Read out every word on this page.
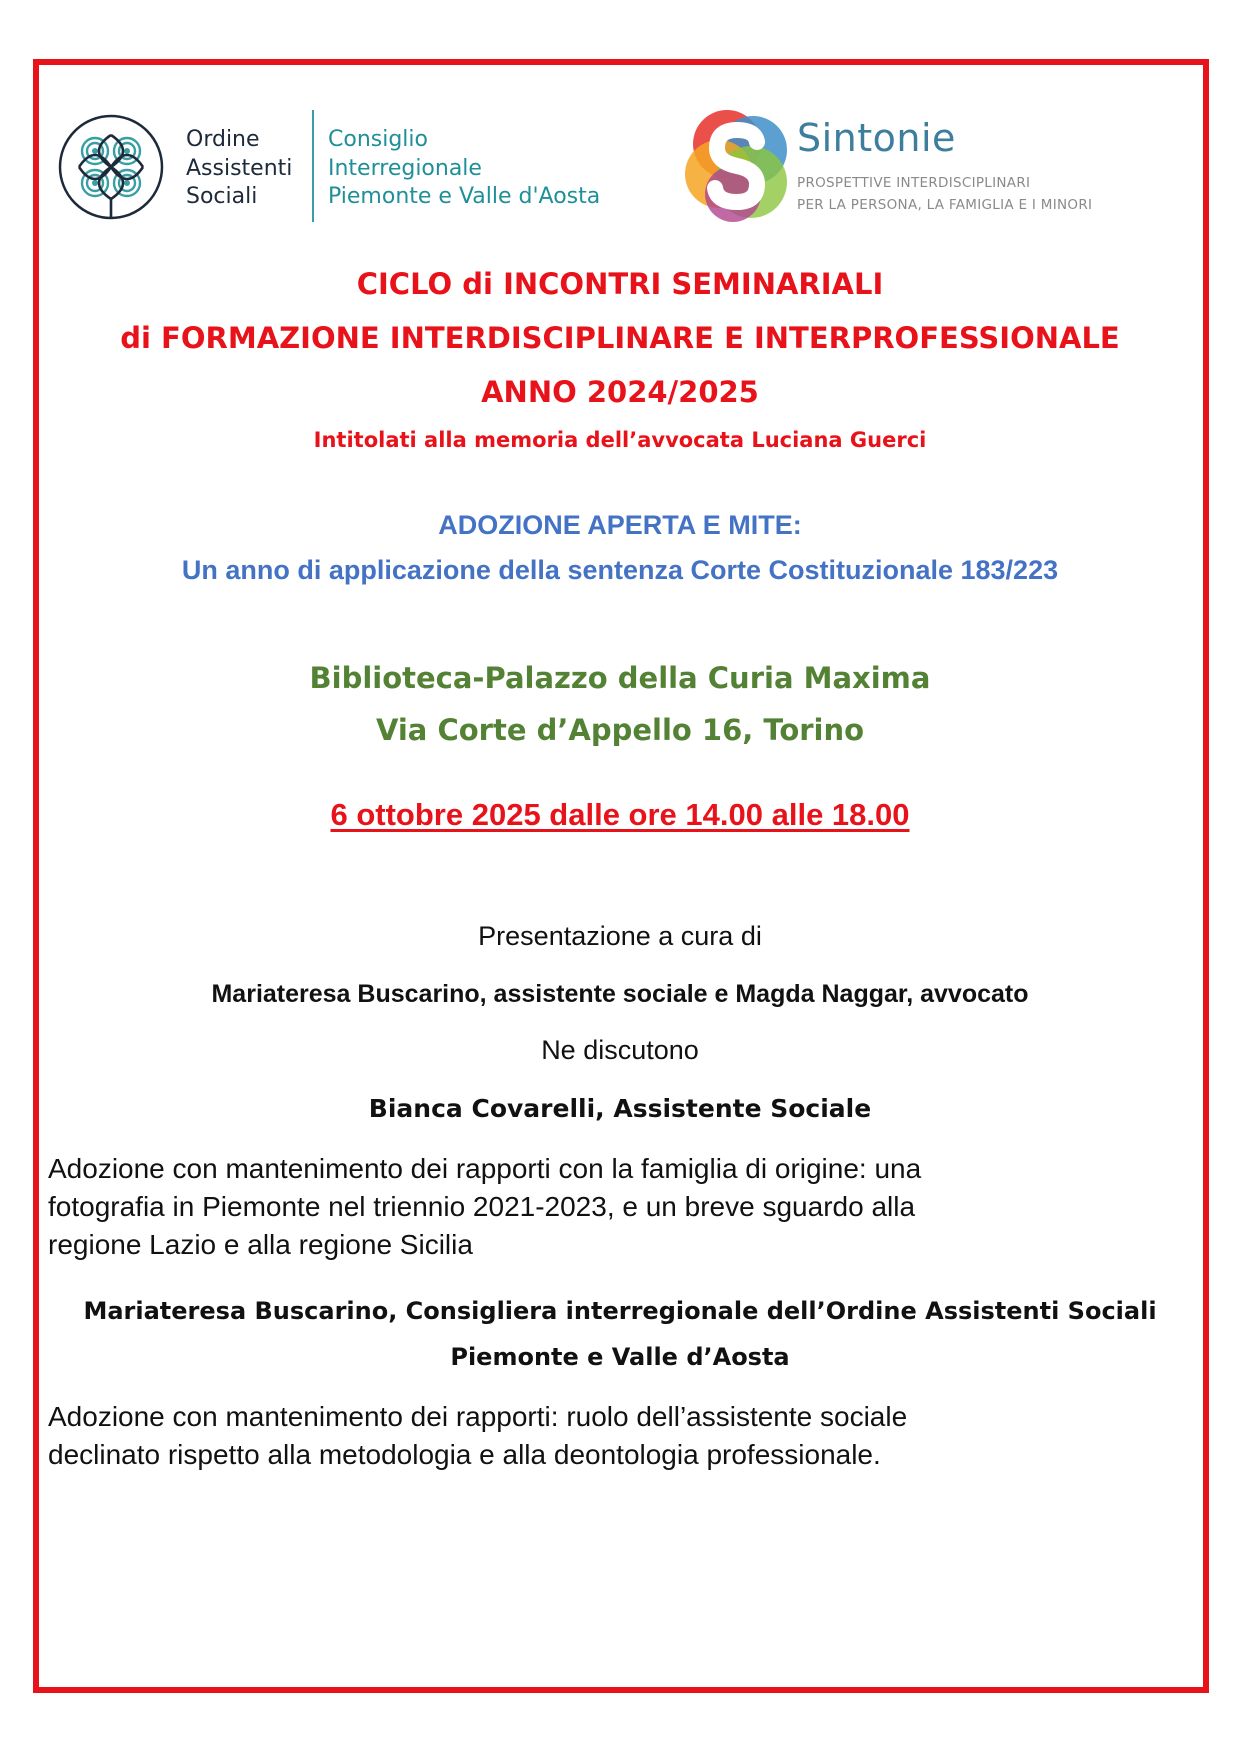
Ordine
Assistenti
Sociali
Consiglio
Interregionale
Piemonte e Valle d'Aosta
Sintonie
PROSPETTIVE INTERDISCIPLINARI
PER LA PERSONA, LA FAMIGLIA E I MINORI
CICLO di INCONTRI SEMINARIALI
di FORMAZIONE INTERDISCIPLINARE E INTERPROFESSIONALE
ANNO 2024/2025
Intitolati alla memoria dell’avvocata Luciana Guerci
ADOZIONE APERTA E MITE:
Un anno di applicazione della sentenza Corte Costituzionale 183/223
Biblioteca-Palazzo della Curia Maxima
Via Corte d’Appello 16, Torino
6 ottobre 2025 dalle ore 14.00 alle 18.00
Presentazione a cura di
Mariateresa Buscarino, assistente sociale e Magda Naggar, avvocato
Ne discutono
Bianca Covarelli, Assistente Sociale
Adozione con mantenimento dei rapporti con la famiglia di origine: una
fotografia in Piemonte nel triennio 2021-2023, e un breve sguardo alla
regione Lazio e alla regione Sicilia
Mariateresa Buscarino, Consigliera interregionale dell’Ordine Assistenti Sociali
Piemonte e Valle d’Aosta
Adozione con mantenimento dei rapporti: ruolo dell’assistente sociale
declinato rispetto alla metodologia e alla deontologia professionale.
